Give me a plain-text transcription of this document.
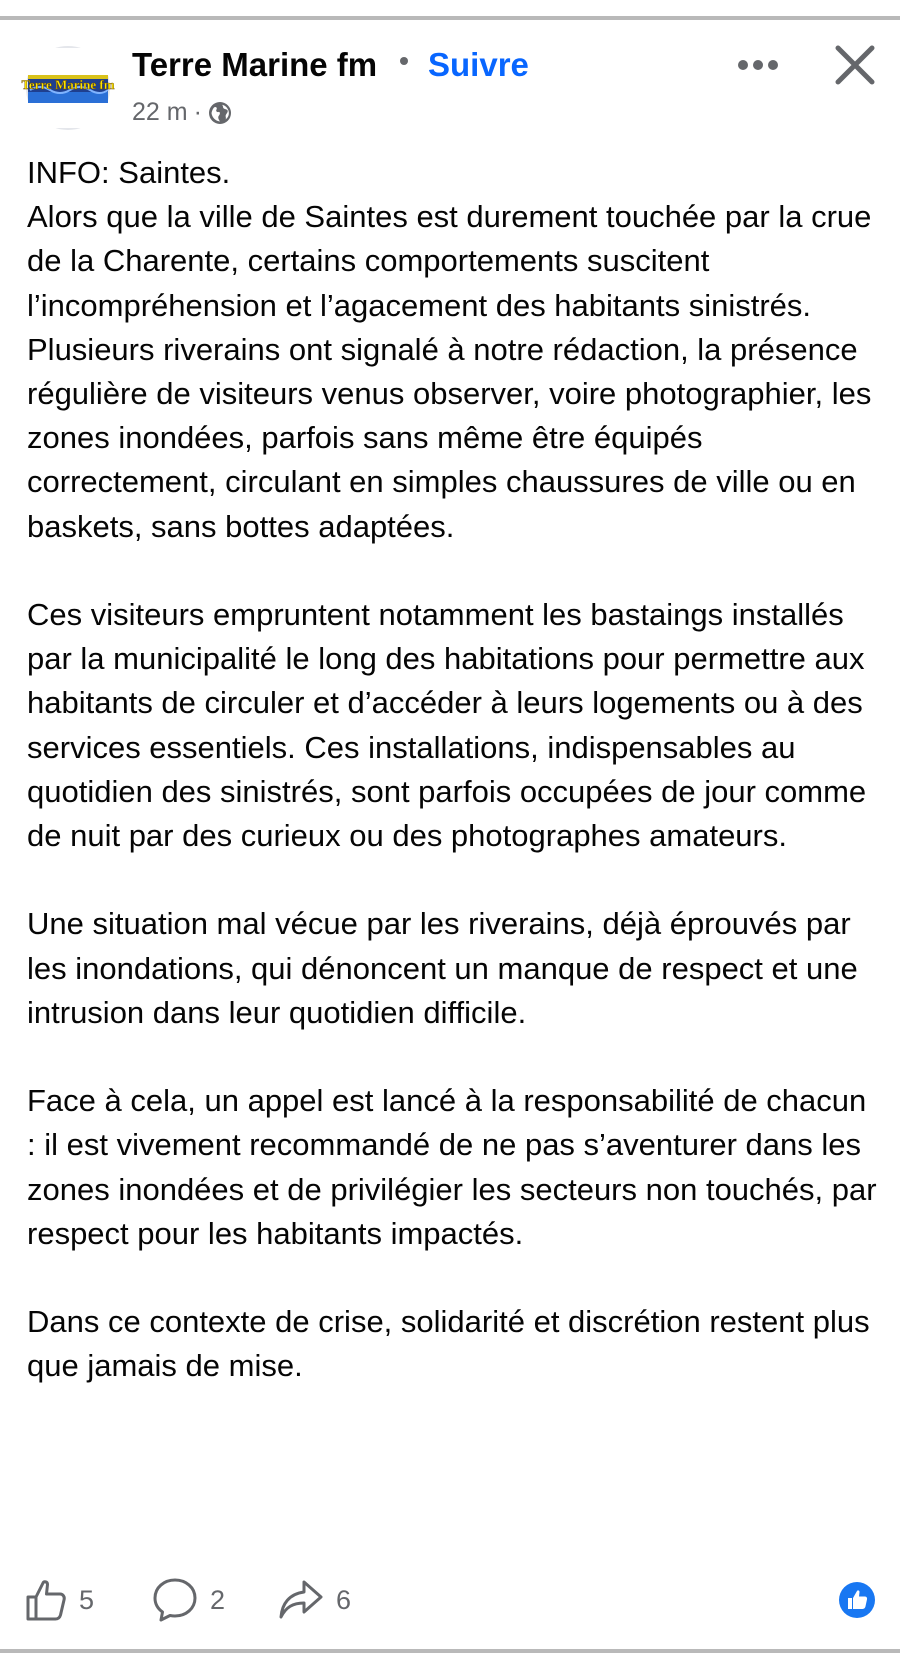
Terre Marine fm
Terre Marine fm Suivre
22 m ·

INFO: Saintes.

Alors que la ville de Saintes est durement touchée par la crue de la Charente, certains comportements suscitent l’incompréhension et l’agacement des habitants sinistrés. Plusieurs riverains ont signalé à notre rédaction, la présence régulière de visiteurs venus observer, voire photographier, les zones inondées, parfois sans même être équipés correctement, circulant en simples chaussures de ville ou en baskets, sans bottes adaptées.

Ces visiteurs empruntent notamment les bastaings installés par la municipalité le long des habitations pour permettre aux habitants de circuler et d’accéder à leurs logements ou à des services essentiels. Ces installations, indispensables au quotidien des sinistrés, sont parfois occupées de jour comme de nuit par des curieux ou des photographes amateurs.

Une situation mal vécue par les riverains, déjà éprouvés par les inondations, qui dénoncent un manque de respect et une intrusion dans leur quotidien difficile.

Face à cela, un appel est lancé à la responsabilité de chacun : il est vivement recommandé de ne pas s’aventurer dans les zones inondées et de privilégier les secteurs non touchés, par respect pour les habitants impactés.

Dans ce contexte de crise, solidarité et discrétion restent plus que jamais de mise.

5	2	6
